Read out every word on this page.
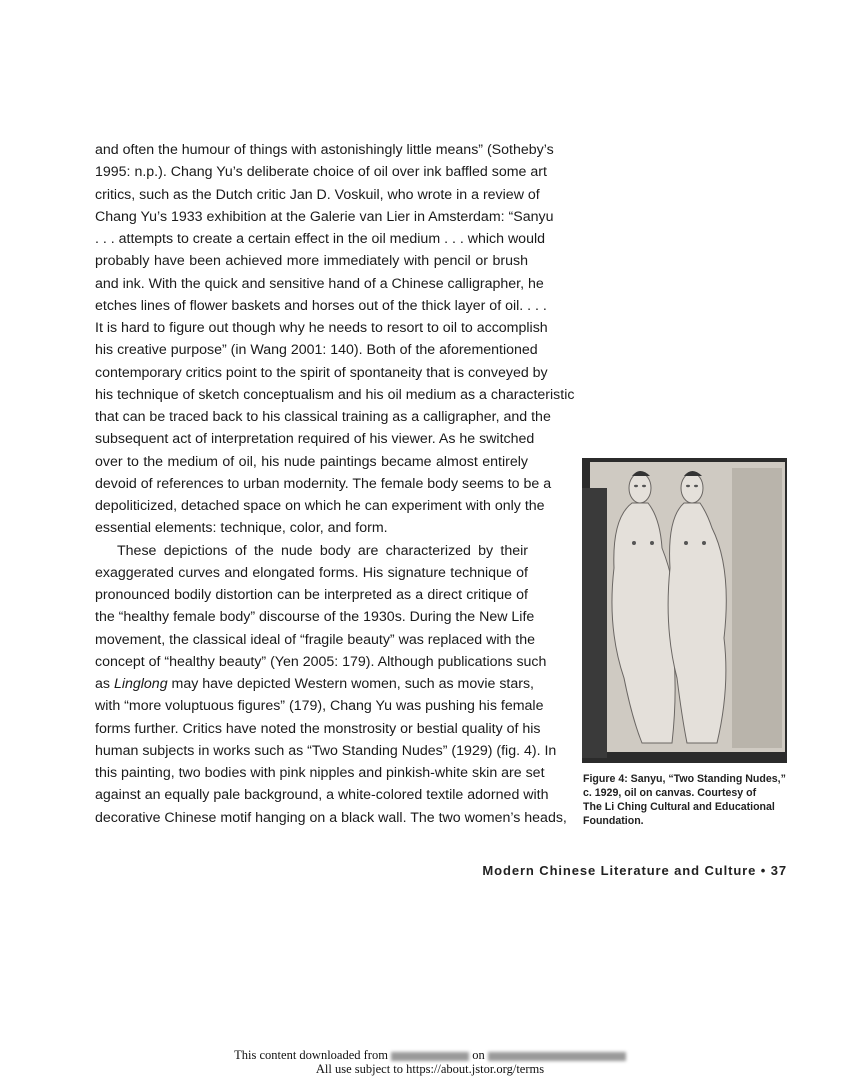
and often the humour of things with astonishingly little means” (Sotheby’s
1995: n.p.). Chang Yu’s deliberate choice of oil over ink baffled some art
critics, such as the Dutch critic Jan D. Voskuil, who wrote in a review of
Chang Yu’s 1933 exhibition at the Galerie van Lier in Amsterdam: “Sanyu
. . . attempts to create a certain effect in the oil medium . . . which would
probably have been achieved more immediately with pencil or brush
and ink. With the quick and sensitive hand of a Chinese calligrapher, he
etches lines of flower baskets and horses out of the thick layer of oil. . . .
It is hard to figure out though why he needs to resort to oil to accomplish
his creative purpose” (in Wang 2001: 140). Both of the aforementioned
contemporary critics point to the spirit of spontaneity that is conveyed by
his technique of sketch conceptualism and his oil medium as a characteristic
that can be traced back to his classical training as a calligrapher, and the
subsequent act of interpretation required of his viewer. As he switched
over to the medium of oil, his nude paintings became almost entirely
devoid of references to urban modernity. The female body seems to be a
depoliticized, detached space on which he can experiment with only the
essential elements: technique, color, and form.
These depictions of the nude body are characterized by their
exaggerated curves and elongated forms. His signature technique of
pronounced bodily distortion can be interpreted as a direct critique of
the “healthy female body” discourse of the 1930s. During the New Life
movement, the classical ideal of “fragile beauty” was replaced with the
concept of “healthy beauty” (Yen 2005: 179). Although publications such
as Linglong may have depicted Western women, such as movie stars,
with “more voluptuous figures” (179), Chang Yu was pushing his female
forms further. Critics have noted the monstrosity or bestial quality of his
human subjects in works such as “Two Standing Nudes” (1929) (fig. 4). In
this painting, two bodies with pink nipples and pinkish-white skin are set
against an equally pale background, a white-colored textile adorned with
decorative Chinese motif hanging on a black wall. The two women’s heads,
Figure 4: Sanyu, “Two Standing Nudes,”
c. 1929, oil on canvas. Courtesy of
The Li Ching Cultural and Educational
Foundation.
Modern Chinese Literature and Culture • 37
This content downloaded from	on
All use subject to https://about.jstor.org/terms
